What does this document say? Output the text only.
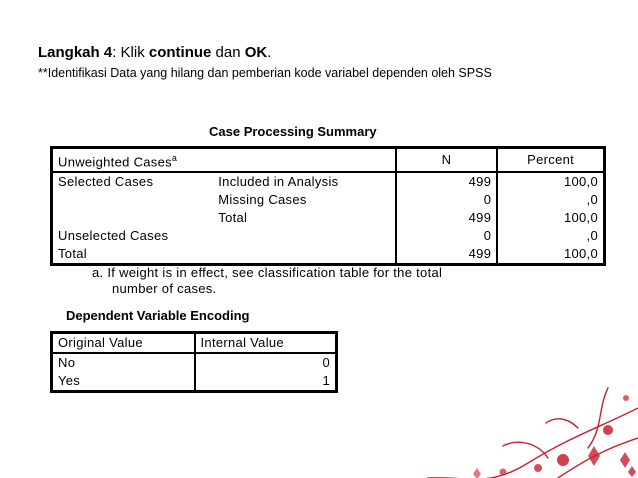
Langkah 4: Klik continue dan OK.
**Identifikasi Data yang hilang dan pemberian kode variabel dependen oleh SPSS
Case Processing Summary
Unweighted Cases$^a$		N	Percent
Selected Cases	Included in Analysis	499	100,0
	Missing Cases	0	,0
	Total	499	100,0
Unselected Cases		0	,0
Total		499	100,0
a. If weight is in effect, see classification table for the total
number of cases.
Dependent Variable Encoding
Original Value	Internal Value
No	0
Yes	1
